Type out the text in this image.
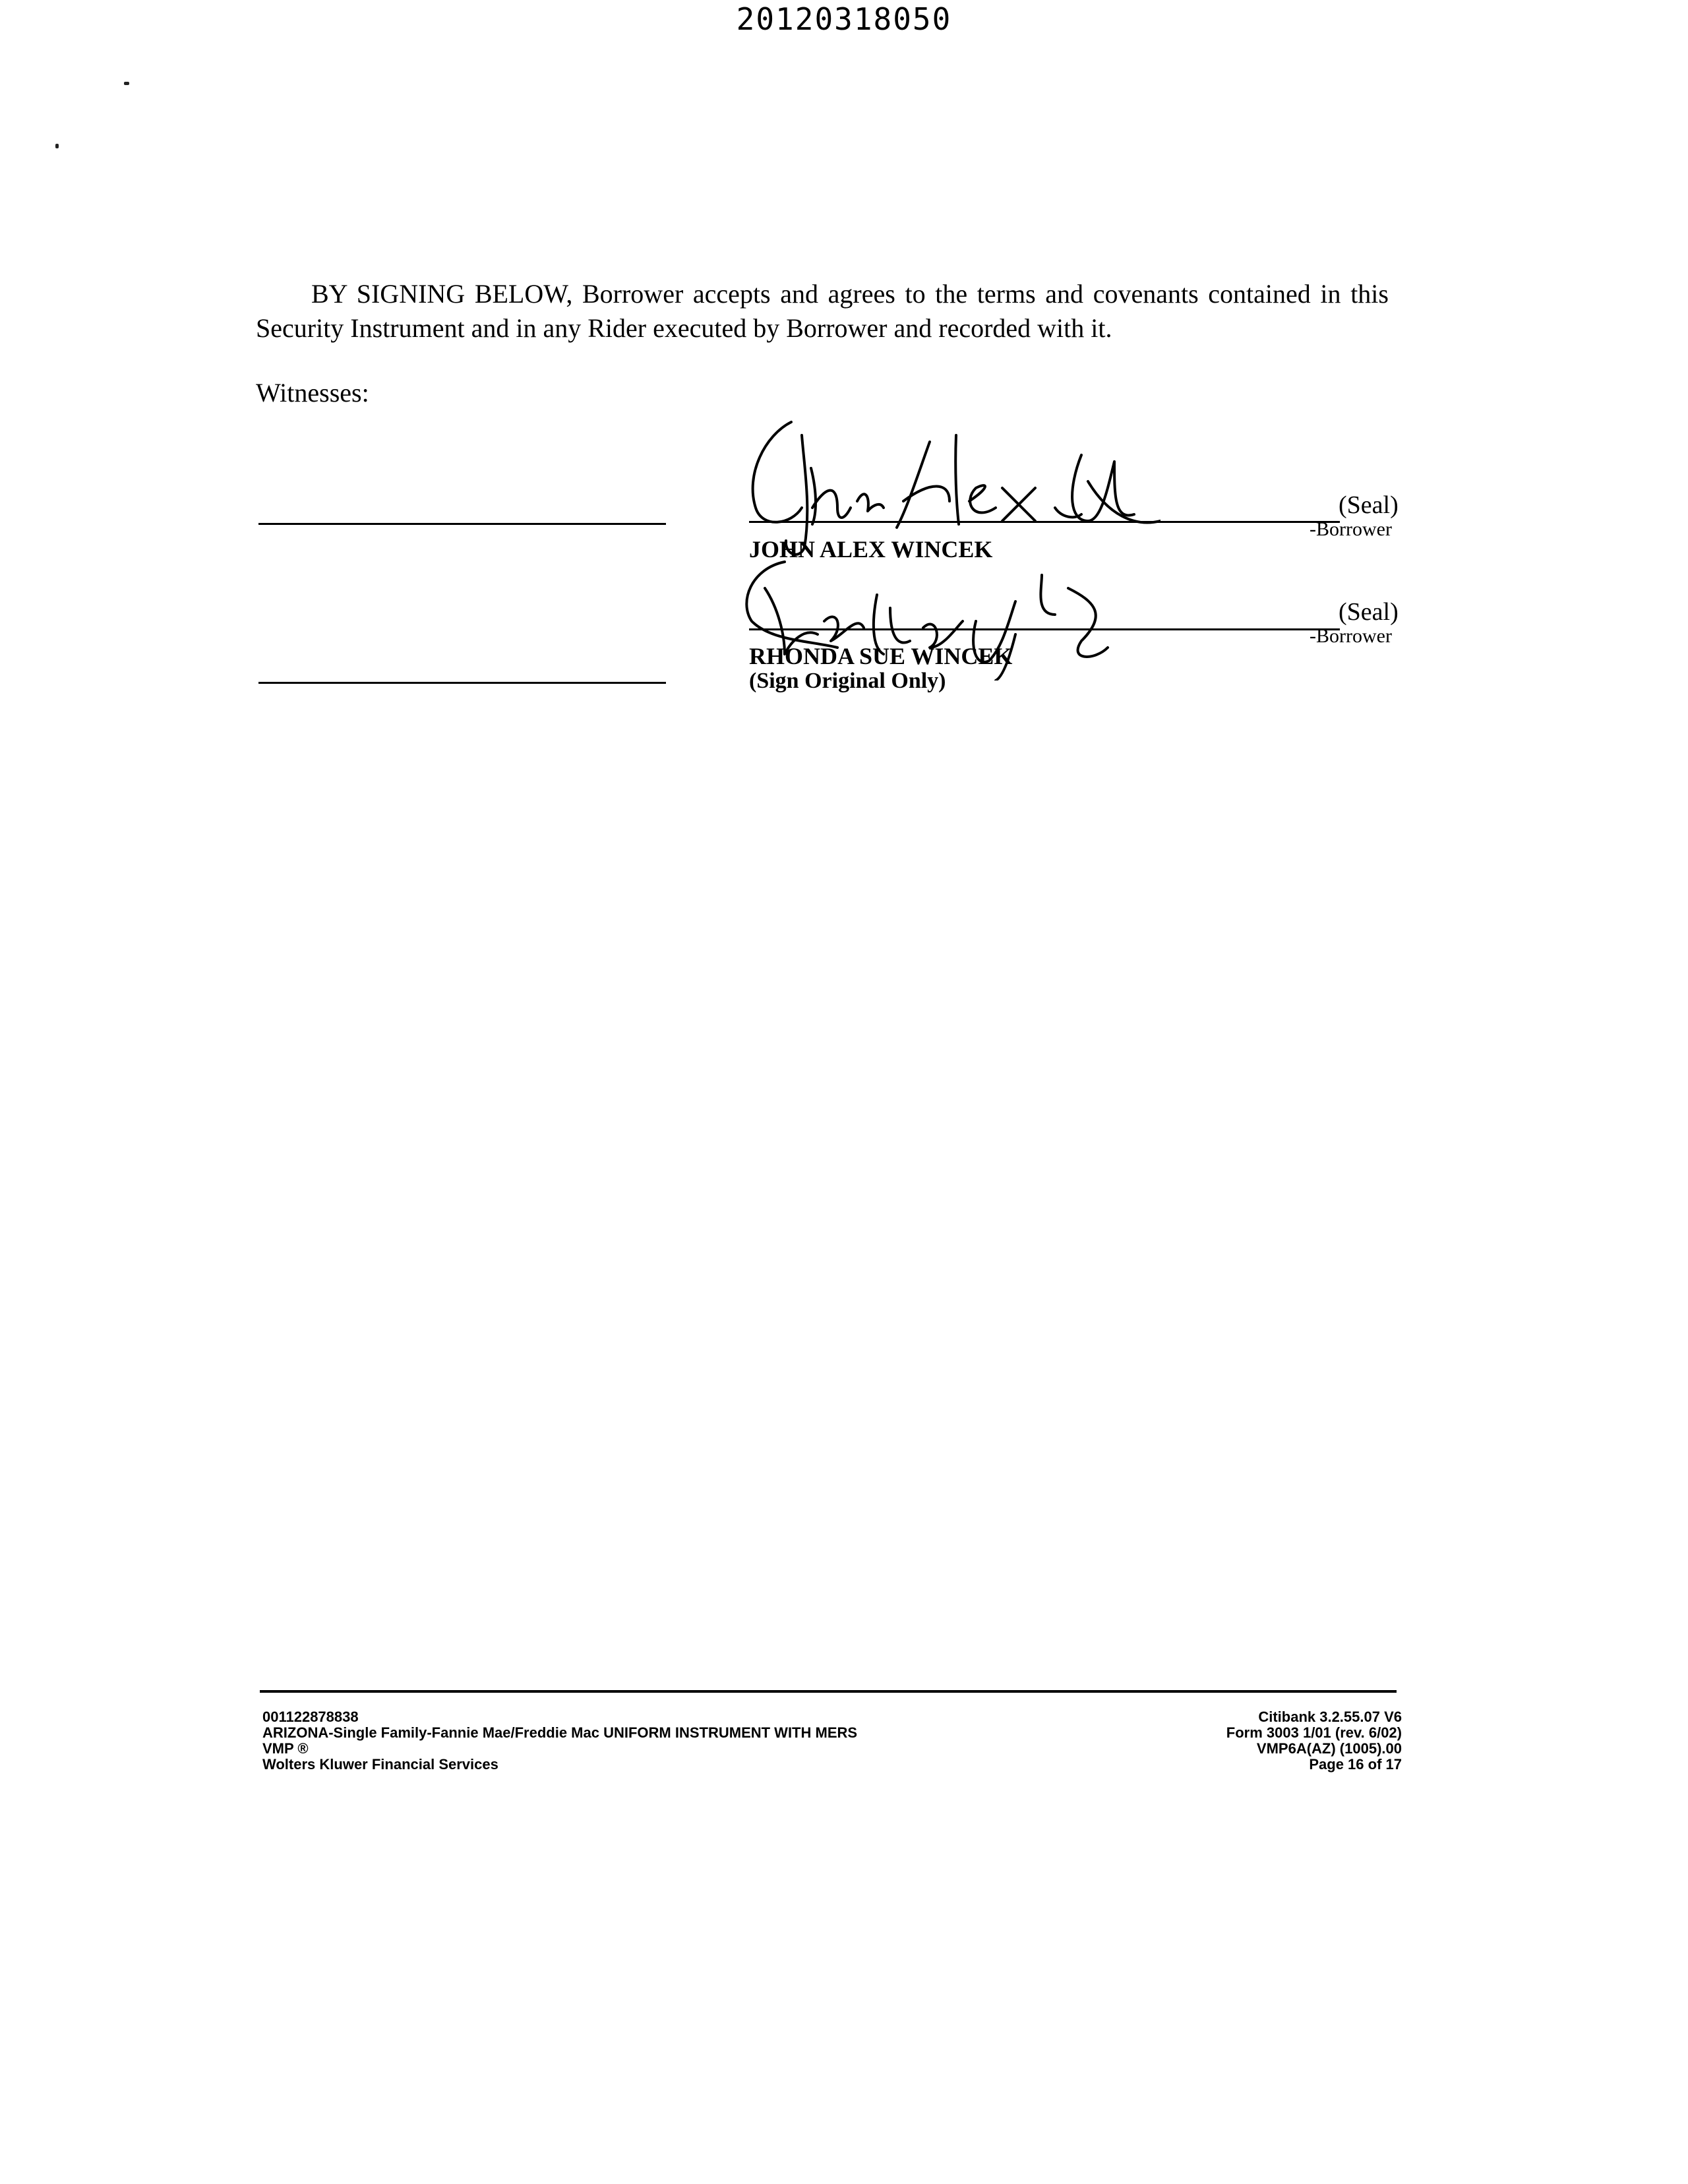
20120318050
BY SIGNING BELOW, Borrower accepts and agrees to the terms and covenants contained in this Security Instrument and in any Rider executed by Borrower and recorded with it.
Witnesses:
(Seal)
-Borrower
JOHN ALEX WINCEK
(Seal)
-Borrower
RHONDA SUE WINCEK
(Sign Original Only)
001122878838
ARIZONA-Single Family-Fannie Mae/Freddie Mac UNIFORM INSTRUMENT WITH MERS
VMP ®
Wolters Kluwer Financial Services
Citibank 3.2.55.07 V6
Form 3003 1/01 (rev. 6/02)
VMP6A(AZ) (1005).00
Page 16 of 17
